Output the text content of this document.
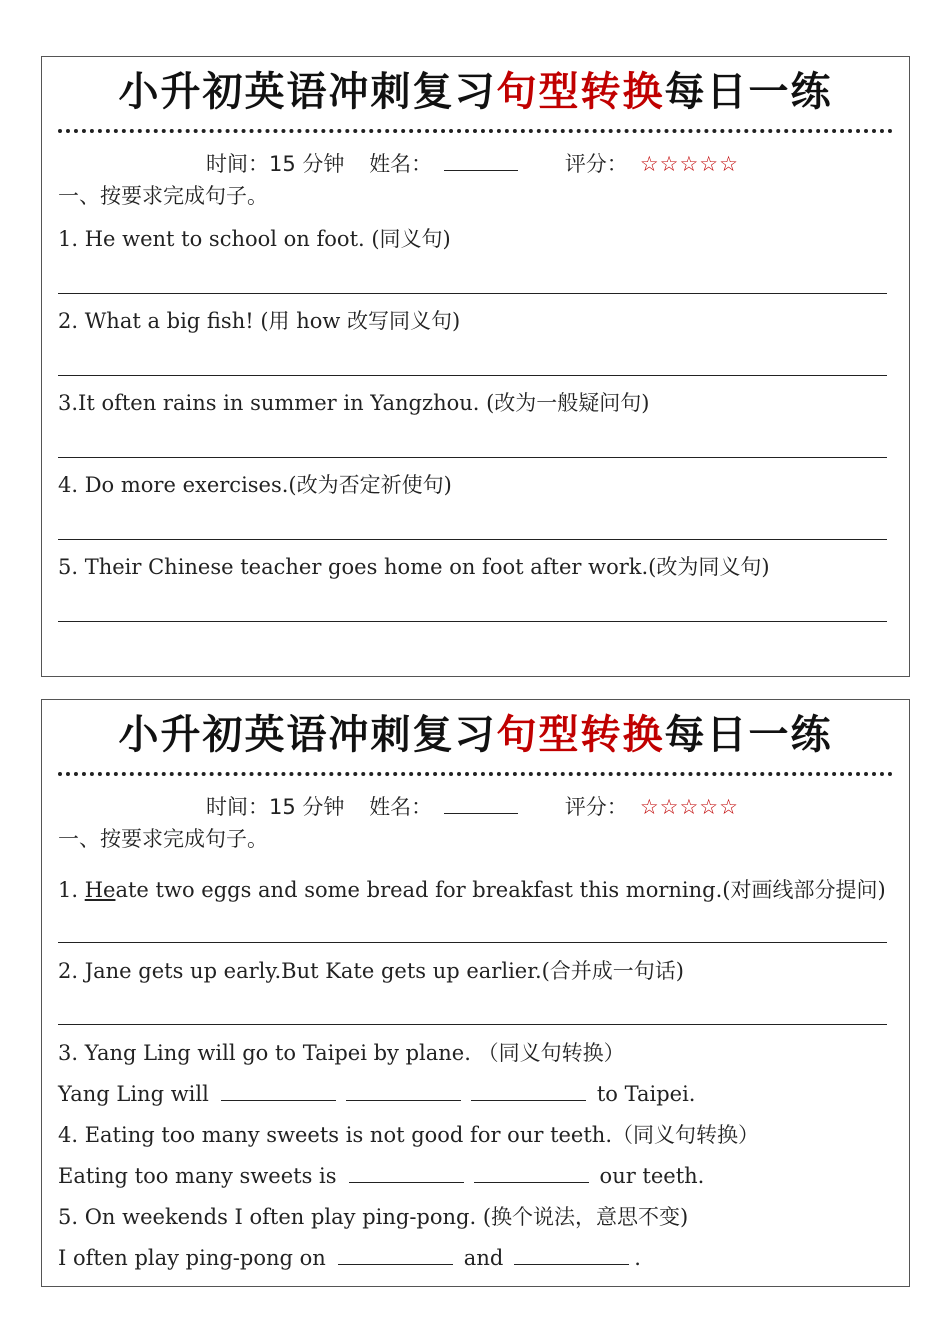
小升初英语冲刺复习句型转换每日一练
时间：15 分钟 姓名：	评分： ☆☆☆☆☆
一、按要求完成句子。
1. He went to school on foot. (同义句)
2. What a big fish! (用 how 改写同义句)
3.It often rains in summer in Yangzhou. (改为一般疑问句)
4. Do more exercises.(改为否定祈使句)
5. Their Chinese teacher goes home on foot after work.(改为同义句)
小升初英语冲刺复习句型转换每日一练
时间：15 分钟 姓名：	评分： ☆☆☆☆☆
一、按要求完成句子。
1. Heate two eggs and some bread for breakfast this morning.(对画线部分提问)
2. Jane gets up early.But Kate gets up earlier.(合并成一句话)
3. Yang Ling will go to Taipei by plane. （同义句转换）
Yang Ling will	to Taipei.
4. Eating too many sweets is not good for our teeth.（同义句转换）
Eating too many sweets is	our teeth.
5. On weekends I often play ping-pong. (换个说法，意思不变)
I often play ping-pong on	and	.
